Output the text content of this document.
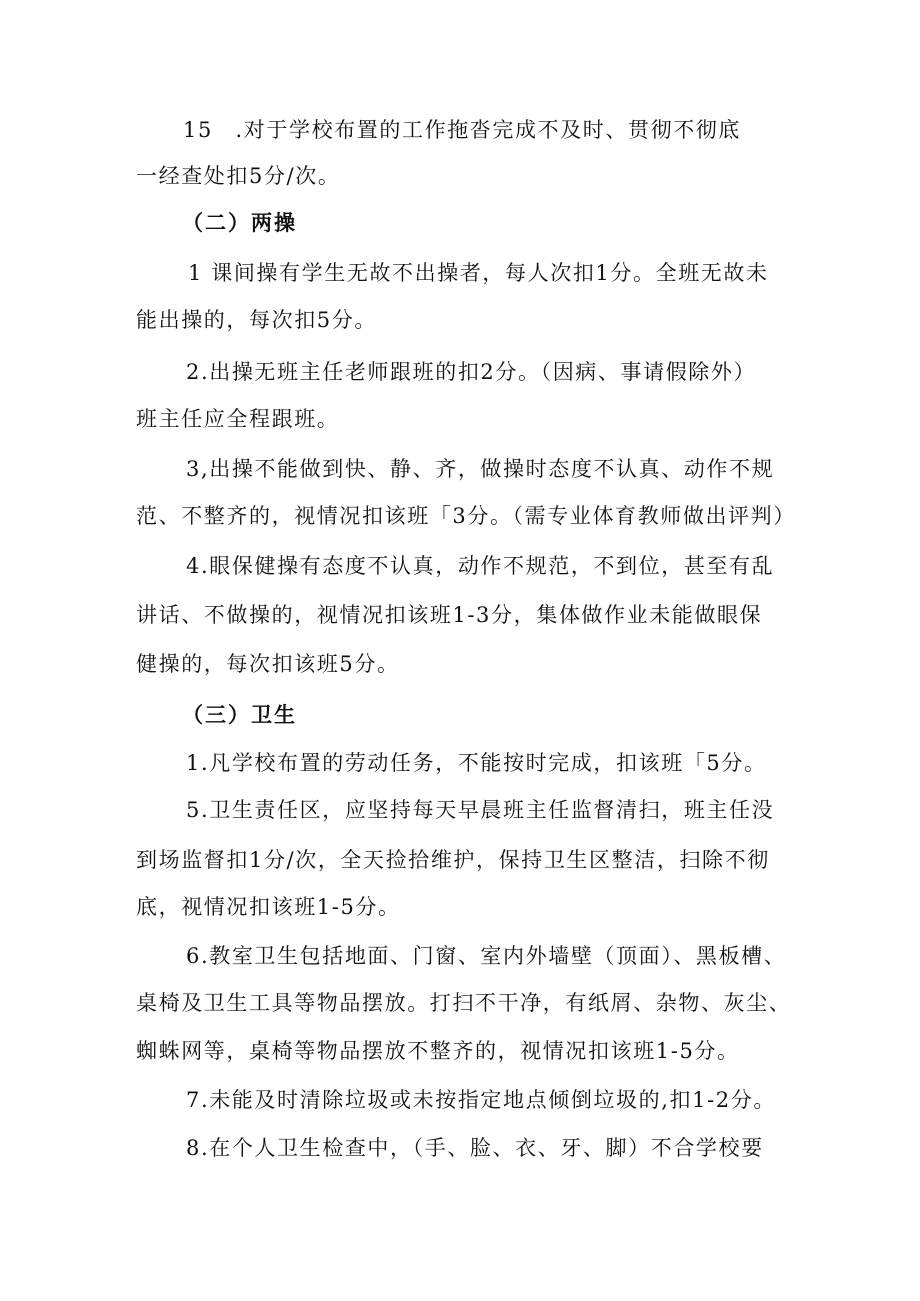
15　.对于学校布置的工作拖沓完成不及时、贯彻不彻底
一经查处扣5分/次。
（二）两操
1 课间操有学生无故不出操者，每人次扣1分。全班无故未
能出操的，每次扣5分。
2.出操无班主任老师跟班的扣2分。（因病、事请假除外）
班主任应全程跟班。
3,出操不能做到快、静、齐，做操时态度不认真、动作不规
范、不整齐的，视情况扣该班「3分。（需专业体育教师做出评判）
4.眼保健操有态度不认真，动作不规范，不到位，甚至有乱
讲话、不做操的，视情况扣该班1-3分，集体做作业未能做眼保
健操的，每次扣该班5分。
（三）卫生
1.凡学校布置的劳动任务，不能按时完成，扣该班「5分。
5.卫生责任区，应坚持每天早晨班主任监督清扫，班主任没
到场监督扣1分/次，全天捡拾维护，保持卫生区整洁，扫除不彻
底，视情况扣该班1-5分。
6.教室卫生包括地面、门窗、室内外墙壁（顶面）、黑板槽、
桌椅及卫生工具等物品摆放。打扫不干净，有纸屑、杂物、灰尘、
蜘蛛网等，桌椅等物品摆放不整齐的，视情况扣该班1-5分。
7.未能及时清除垃圾或未按指定地点倾倒垃圾的,扣1-2分。
8.在个人卫生检查中，（手、脸、衣、牙、脚）不合学校要
